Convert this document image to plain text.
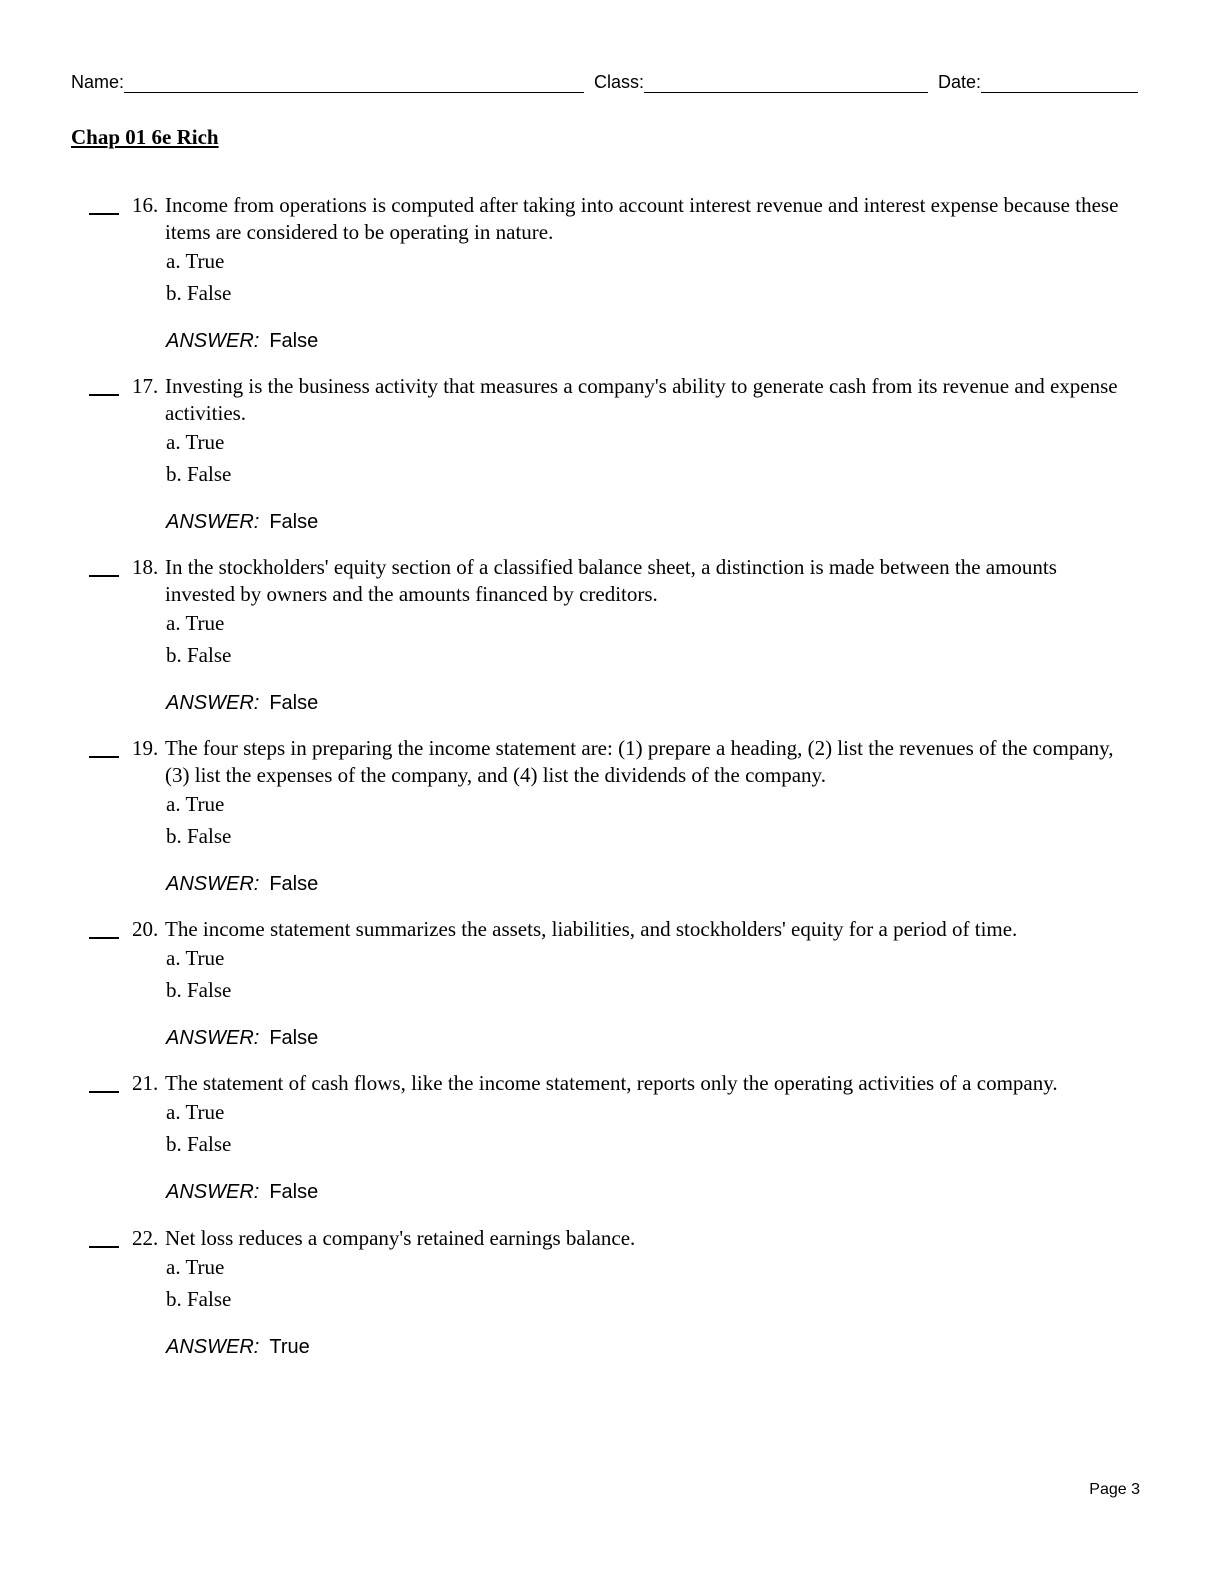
Name:	Class:	Date:
Chap 01 6e Rich
16. Income from operations is computed after taking into account interest revenue and interest expense because these items are considered to be operating in nature.
a. True
b. False
ANSWER: False
17. Investing is the business activity that measures a company's ability to generate cash from its revenue and expense activities.
a. True
b. False
ANSWER: False
18. In the stockholders' equity section of a classified balance sheet, a distinction is made between the amounts invested by owners and the amounts financed by creditors.
a. True
b. False
ANSWER: False
19. The four steps in preparing the income statement are: (1) prepare a heading, (2) list the revenues of the company, (3) list the expenses of the company, and (4) list the dividends of the company.
a. True
b. False
ANSWER: False
20. The income statement summarizes the assets, liabilities, and stockholders' equity for a period of time.
a. True
b. False
ANSWER: False
21. The statement of cash flows, like the income statement, reports only the operating activities of a company.
a. True
b. False
ANSWER: False
22. Net loss reduces a company's retained earnings balance.
a. True
b. False
ANSWER: True
Page 3
